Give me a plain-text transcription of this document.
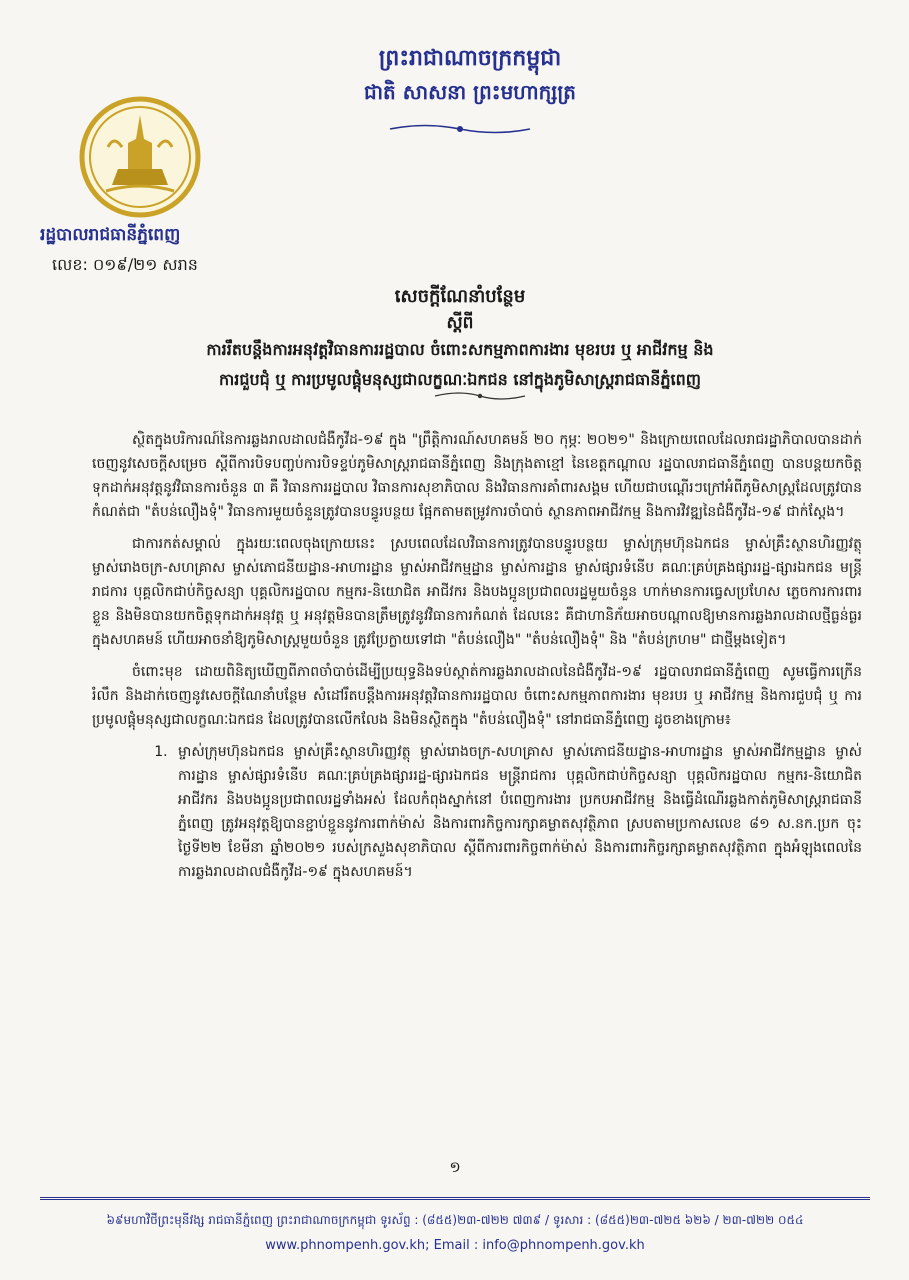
ព្រះរាជាណាចក្រកម្ពុជា
ជាតិ សាសនា ព្រះមហាក្សត្រ
រដ្ឋបាលរាជធានីភ្នំពេញ
លេខ: ០១៩/២១ សរាន
សេចក្តីណែនាំបន្ថែម
ស្តីពី
ការរឹតបន្តឹងការអនុវត្តវិធានការរដ្ឋបាល ចំពោះសកម្មភាពការងារ មុខរបរ ឬ អាជីវកម្ម និង
ការជួបជុំ ឬ ការប្រមូលផ្តុំមនុស្សជាលក្ខណៈឯកជន នៅក្នុងភូមិសាស្ត្ររាជធានីភ្នំពេញ

ស្ថិតក្នុងបរិការណ៍នៃការឆ្លងរាលដាលជំងឺកូវីដ-១៩ ក្នុង "ព្រឹត្តិការណ៍សហគមន៍ ២០ កុម្ភៈ ២០២១" និងក្រោយពេលដែលរាជរដ្ឋាភិបាលបានដាក់ចេញនូវសេចក្តីសម្រេច ស្តីពីការបិទបញ្ចប់ការបិទខ្ទប់ភូមិសាស្ត្ររាជធានីភ្នំពេញ និងក្រុងតាខ្មៅ នៃខេត្តកណ្តាល រដ្ឋបាលរាជធានីភ្នំពេញ បានបន្តយកចិត្តទុកដាក់អនុវត្តនូវវិធានការចំនួន ៣ គឺ វិធានការរដ្ឋបាល វិធានការសុខាភិបាល និងវិធានការគាំពារសង្គម ហើយជាបណ្តើរៗក្រៅអំពីភូមិសាស្ត្រដែលត្រូវបានកំណត់ជា "តំបន់លឿងទុំ" វិធានការមួយចំនួនត្រូវបានបន្ធូរបន្ថយ ផ្អែកតាមតម្រូវការចាំបាច់ ស្ថានភាពអាជីវកម្ម និងការវិវឌ្ឍនៃជំងឺកូវីដ-១៩ ជាក់ស្តែង។

ជាការកត់សម្គាល់ ក្នុងរយៈពេលចុងក្រោយនេះ ស្របពេលដែលវិធានការត្រូវបានបន្ធូរបន្ថយ ម្ចាស់ក្រុមហ៊ុនឯកជន ម្ចាស់គ្រឹះស្ថានហិរញ្ញវត្ថុ ម្ចាស់រោងចក្រ-សហគ្រាស ម្ចាស់ភោជនីយដ្ឋាន-អាហារដ្ឋាន ម្ចាស់អាជីវកម្មដ្ឋាន ម្ចាស់ការដ្ឋាន ម្ចាស់ផ្សារទំនើប គណៈគ្រប់គ្រងផ្សាររដ្ឋ-ផ្សារឯកជន មន្ត្រីរាជការ បុគ្គលិកជាប់កិច្ចសន្យា បុគ្គលិករដ្ឋបាល កម្មករ-និយោជិត អាជីវករ និងបងប្អូនប្រជាពលរដ្ឋមួយចំនួន ហាក់មានការធ្វេសប្រហែស ភ្លេចការការពារខ្លួន និងមិនបានយកចិត្តទុកដាក់អនុវត្ត ឬ អនុវត្តមិនបានត្រឹមត្រូវនូវវិធានការកំណត់ ដែលនេះ គឺជាហានិភ័យអាចបណ្តាលឱ្យមានការឆ្លងរាលដាលថ្មីធ្ងន់ធ្ងរក្នុងសហគមន៍ ហើយអាចនាំឱ្យភូមិសាស្ត្រមួយចំនួន ត្រូវប្រែក្លាយទៅជា "តំបន់លឿង" "តំបន់លឿងទុំ" និង "តំបន់ក្រហម" ជាថ្មីម្តងទៀត។

ចំពោះមុខ ដោយពិនិត្យឃើញពីភាពចាំបាច់ដើម្បីប្រយុទ្ធនិងទប់ស្កាត់ការឆ្លងរាលដាលនៃជំងឺកូវីដ-១៩ រដ្ឋបាលរាជធានីភ្នំពេញ សូមធ្វើការក្រើនរំលឹក និងដាក់ចេញនូវសេចក្តីណែនាំបន្ថែម សំដៅរឹតបន្តឹងការអនុវត្តវិធានការរដ្ឋបាល ចំពោះសកម្មភាពការងារ មុខរបរ ឬ អាជីវកម្ម និងការជួបជុំ ឬ ការប្រមូលផ្តុំមនុស្សជាលក្ខណៈឯកជន ដែលត្រូវបានលើកលែង និងមិនស្ថិតក្នុង "តំបន់លឿងទុំ" នៅរាជធានីភ្នំពេញ ដូចខាងក្រោម៖

1. ម្ចាស់ក្រុមហ៊ុនឯកជន ម្ចាស់គ្រឹះស្ថានហិរញ្ញវត្ថុ ម្ចាស់រោងចក្រ-សហគ្រាស ម្ចាស់ភោជនីយដ្ឋាន-អាហារដ្ឋាន ម្ចាស់អាជីវកម្មដ្ឋាន ម្ចាស់ការដ្ឋាន ម្ចាស់ផ្សារទំនើប គណៈគ្រប់គ្រងផ្សាររដ្ឋ-ផ្សារឯកជន មន្ត្រីរាជការ បុគ្គលិកជាប់កិច្ចសន្យា បុគ្គលិករដ្ឋបាល កម្មករ-និយោជិត អាជីវករ និងបងប្អូនប្រជាពលរដ្ឋទាំងអស់ ដែលកំពុងស្នាក់នៅ បំពេញការងារ ប្រកបអាជីវកម្ម និងធ្វើដំណើរឆ្លងកាត់ភូមិសាស្ត្ររាជធានីភ្នំពេញ ត្រូវអនុវត្តឱ្យបានខ្ជាប់ខ្ជួននូវការពាក់ម៉ាស់ និងការពារកិច្ចការក្សាគម្លាតសុវត្ថិភាព ស្របតាមប្រកាសលេខ ៨១ ស.នក.ប្រក ចុះថ្ងៃទី២២ ខែមីនា ឆ្នាំ២០២១ របស់ក្រសួងសុខាភិបាល ស្តីពីការពារកិច្ចពាក់ម៉ាស់ និងការពារកិច្ចរក្សាគម្លាតសុវត្ថិភាព ក្នុងអំឡុងពេលនៃការឆ្លងរាលដាលជំងឺកូវីដ-១៩ ក្នុងសហគមន៍។
១
៦៩មហាវិថីព្រះមុនីវង្ស រាជធានីភ្នំពេញ ព្រះរាជាណាចក្រកម្ពុជា ទូរស័ព្ទ : (៨៥៥)២៣-៧២២ ៧៣៩ / ទូរសារ : (៨៥៥)២៣-៧២៥ ៦២៦ / ២៣-៧២២ ០៥៤
www.phnompenh.gov.kh; Email : info@phnompenh.gov.kh
